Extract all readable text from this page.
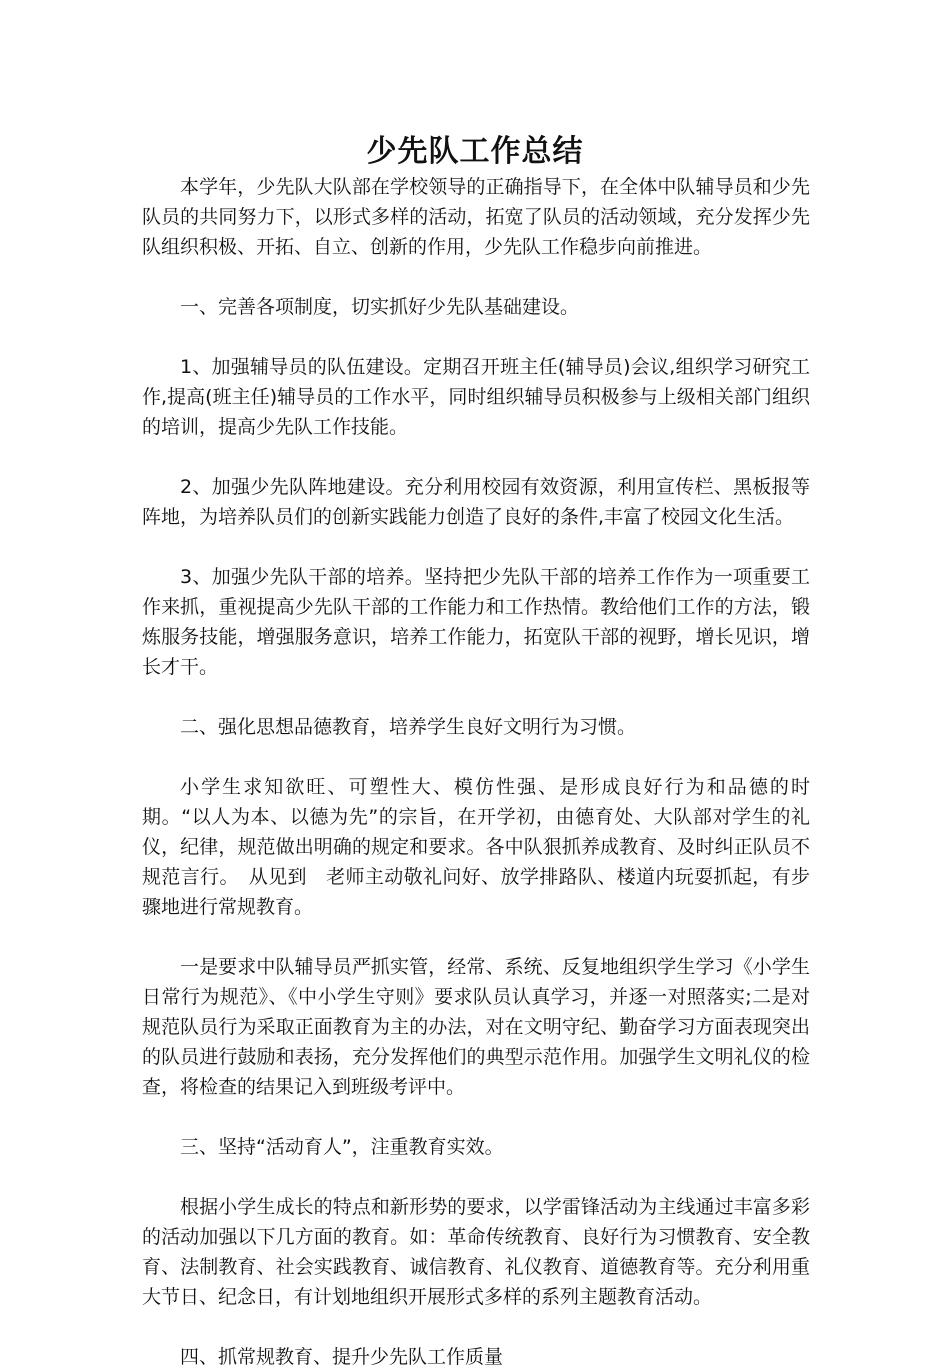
少先队工作总结

本学年，少先队大队部在学校领导的正确指导下，在全体中队辅导员和少先队员的共同努力下，以形式多样的活动，拓宽了队员的活动领域，充分发挥少先队组织积极、开拓、自立、创新的作用，少先队工作稳步向前推进。

一、完善各项制度，切实抓好少先队基础建设。

1、加强辅导员的队伍建设。定期召开班主任(辅导员)会议,组织学习研究工作,提高(班主任)辅导员的工作水平，同时组织辅导员积极参与上级相关部门组织的培训，提高少先队工作技能。

2、加强少先队阵地建设。充分利用校园有效资源，利用宣传栏、黑板报等阵地，为培养队员们的创新实践能力创造了良好的条件,丰富了校园文化生活。

3、加强少先队干部的培养。坚持把少先队干部的培养工作作为一项重要工作来抓，重视提高少先队干部的工作能力和工作热情。教给他们工作的方法，锻炼服务技能，增强服务意识，培养工作能力，拓宽队干部的视野，增长见识，增长才干。

二、强化思想品德教育，培养学生良好文明行为习惯。

小学生求知欲旺、可塑性大、模仿性强、是形成良好行为和品德的时期。“以人为本、以德为先”的宗旨，在开学初，由德育处、大队部对学生的礼仪，纪律，规范做出明确的规定和要求。各中队狠抓养成教育、及时纠正队员不规范言行。　从见到　老师主动敬礼问好、放学排路队、楼道内玩耍抓起，有步骤地进行常规教育。

一是要求中队辅导员严抓实管，经常、系统、反复地组织学生学习《小学生日常行为规范》、《中小学生守则》要求队员认真学习，并逐一对照落实;二是对规范队员行为采取正面教育为主的办法，对在文明守纪、勤奋学习方面表现突出的队员进行鼓励和表扬，充分发挥他们的典型示范作用。加强学生文明礼仪的检查，将检查的结果记入到班级考评中。

三、坚持“活动育人”，注重教育实效。

根据小学生成长的特点和新形势的要求，以学雷锋活动为主线通过丰富多彩的活动加强以下几方面的教育。如：革命传统教育、良好行为习惯教育、安全教育、法制教育、社会实践教育、诚信教育、礼仪教育、道德教育等。充分利用重大节日、纪念日，有计划地组织开展形式多样的系列主题教育活动。

四、抓常规教育、提升少先队工作质量
